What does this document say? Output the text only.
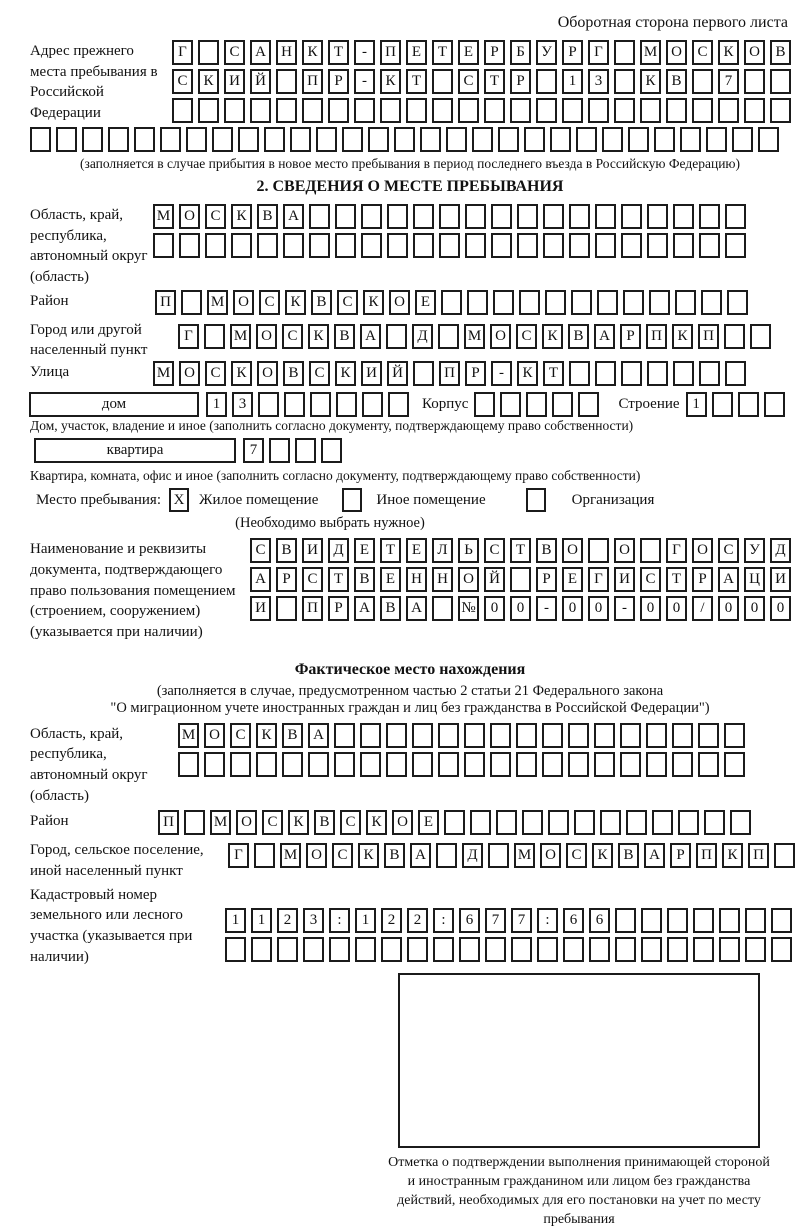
Оборотная сторона первого листа
Адрес прежнего места пребывания в Российской Федерации
Г	С	А	Н	К	Т	-	П	Е	Т	Е	Р	Б	У	Р	Г	М О	С	К	О	В
С	К	И	Й	П	Р	-	К	Т	С	Т	Р	1	3	К	В	7
(заполняется в случае прибытия в новое место пребывания в период последнего въезда в Российскую Федерацию)
2. СВЕДЕНИЯ О МЕСТЕ ПРЕБЫВАНИЯ
Область, край, республика, автономный округ (область)
М О	С	К	В	А
Район	П	М О	С	К	В	С	К	О	Е
Город или другой населенный пункт
Г	М О	С	К	В	А	Д	М О	С	К	В	А	Р	П	К	П
Улица	М О	С	К	О	В	С	К	И	Й	П	Р	-	К	Т
дом	1	3	Корпус	Строение 1
Дом, участок, владение и иное (заполнить согласно документу, подтверждающему право собственности)
квартира	7
Квартира, комната, офис и иное (заполнить согласно документу, подтверждающему право собственности)
Место пребывания: X Жилое помещение	Иное помещение	Организация
(Необходимо выбрать нужное)
Наименование и реквизиты документа, подтверждающего право пользования помещением (строением, сооружением) (указывается при наличии)
С	В	И	Д	Е	Т	Е	Л	Ь	С	Т	В	О	О	Г	О	С	У	Д
А	Р	С	Т	В	Е	Н	Н	О	Й	Р	Е	Г	И	С	Т	Р	А	Ц	И
И	П	Р	А	В	А	№	0	0	-	0	0	-	0	0	/	0	0	0
Фактическое место нахождения
(заполняется в случае, предусмотренном частью 2 статьи 21 Федерального закона
"О миграционном учете иностранных граждан и лиц без гражданства в Российской Федерации")
Область, край, республика, автономный округ (область)
М О	С	К	В	А
Район	П	М О	С	К	В	С	К	О	Е
Город, сельское поселение, иной населенный пункт
Г	М О	С	К	В	А	Д	М О	С	К	В	А	Р	П	К	П
Кадастровый номер земельного или лесного участка (указывается при наличии)
1	1	2	3	:	1	2	2	:	6	7	7	:	6	6
Отметка о подтверждении выполнения принимающей стороной и иностранным гражданином или лицом без гражданства действий, необходимых для его постановки на учет по месту пребывания
